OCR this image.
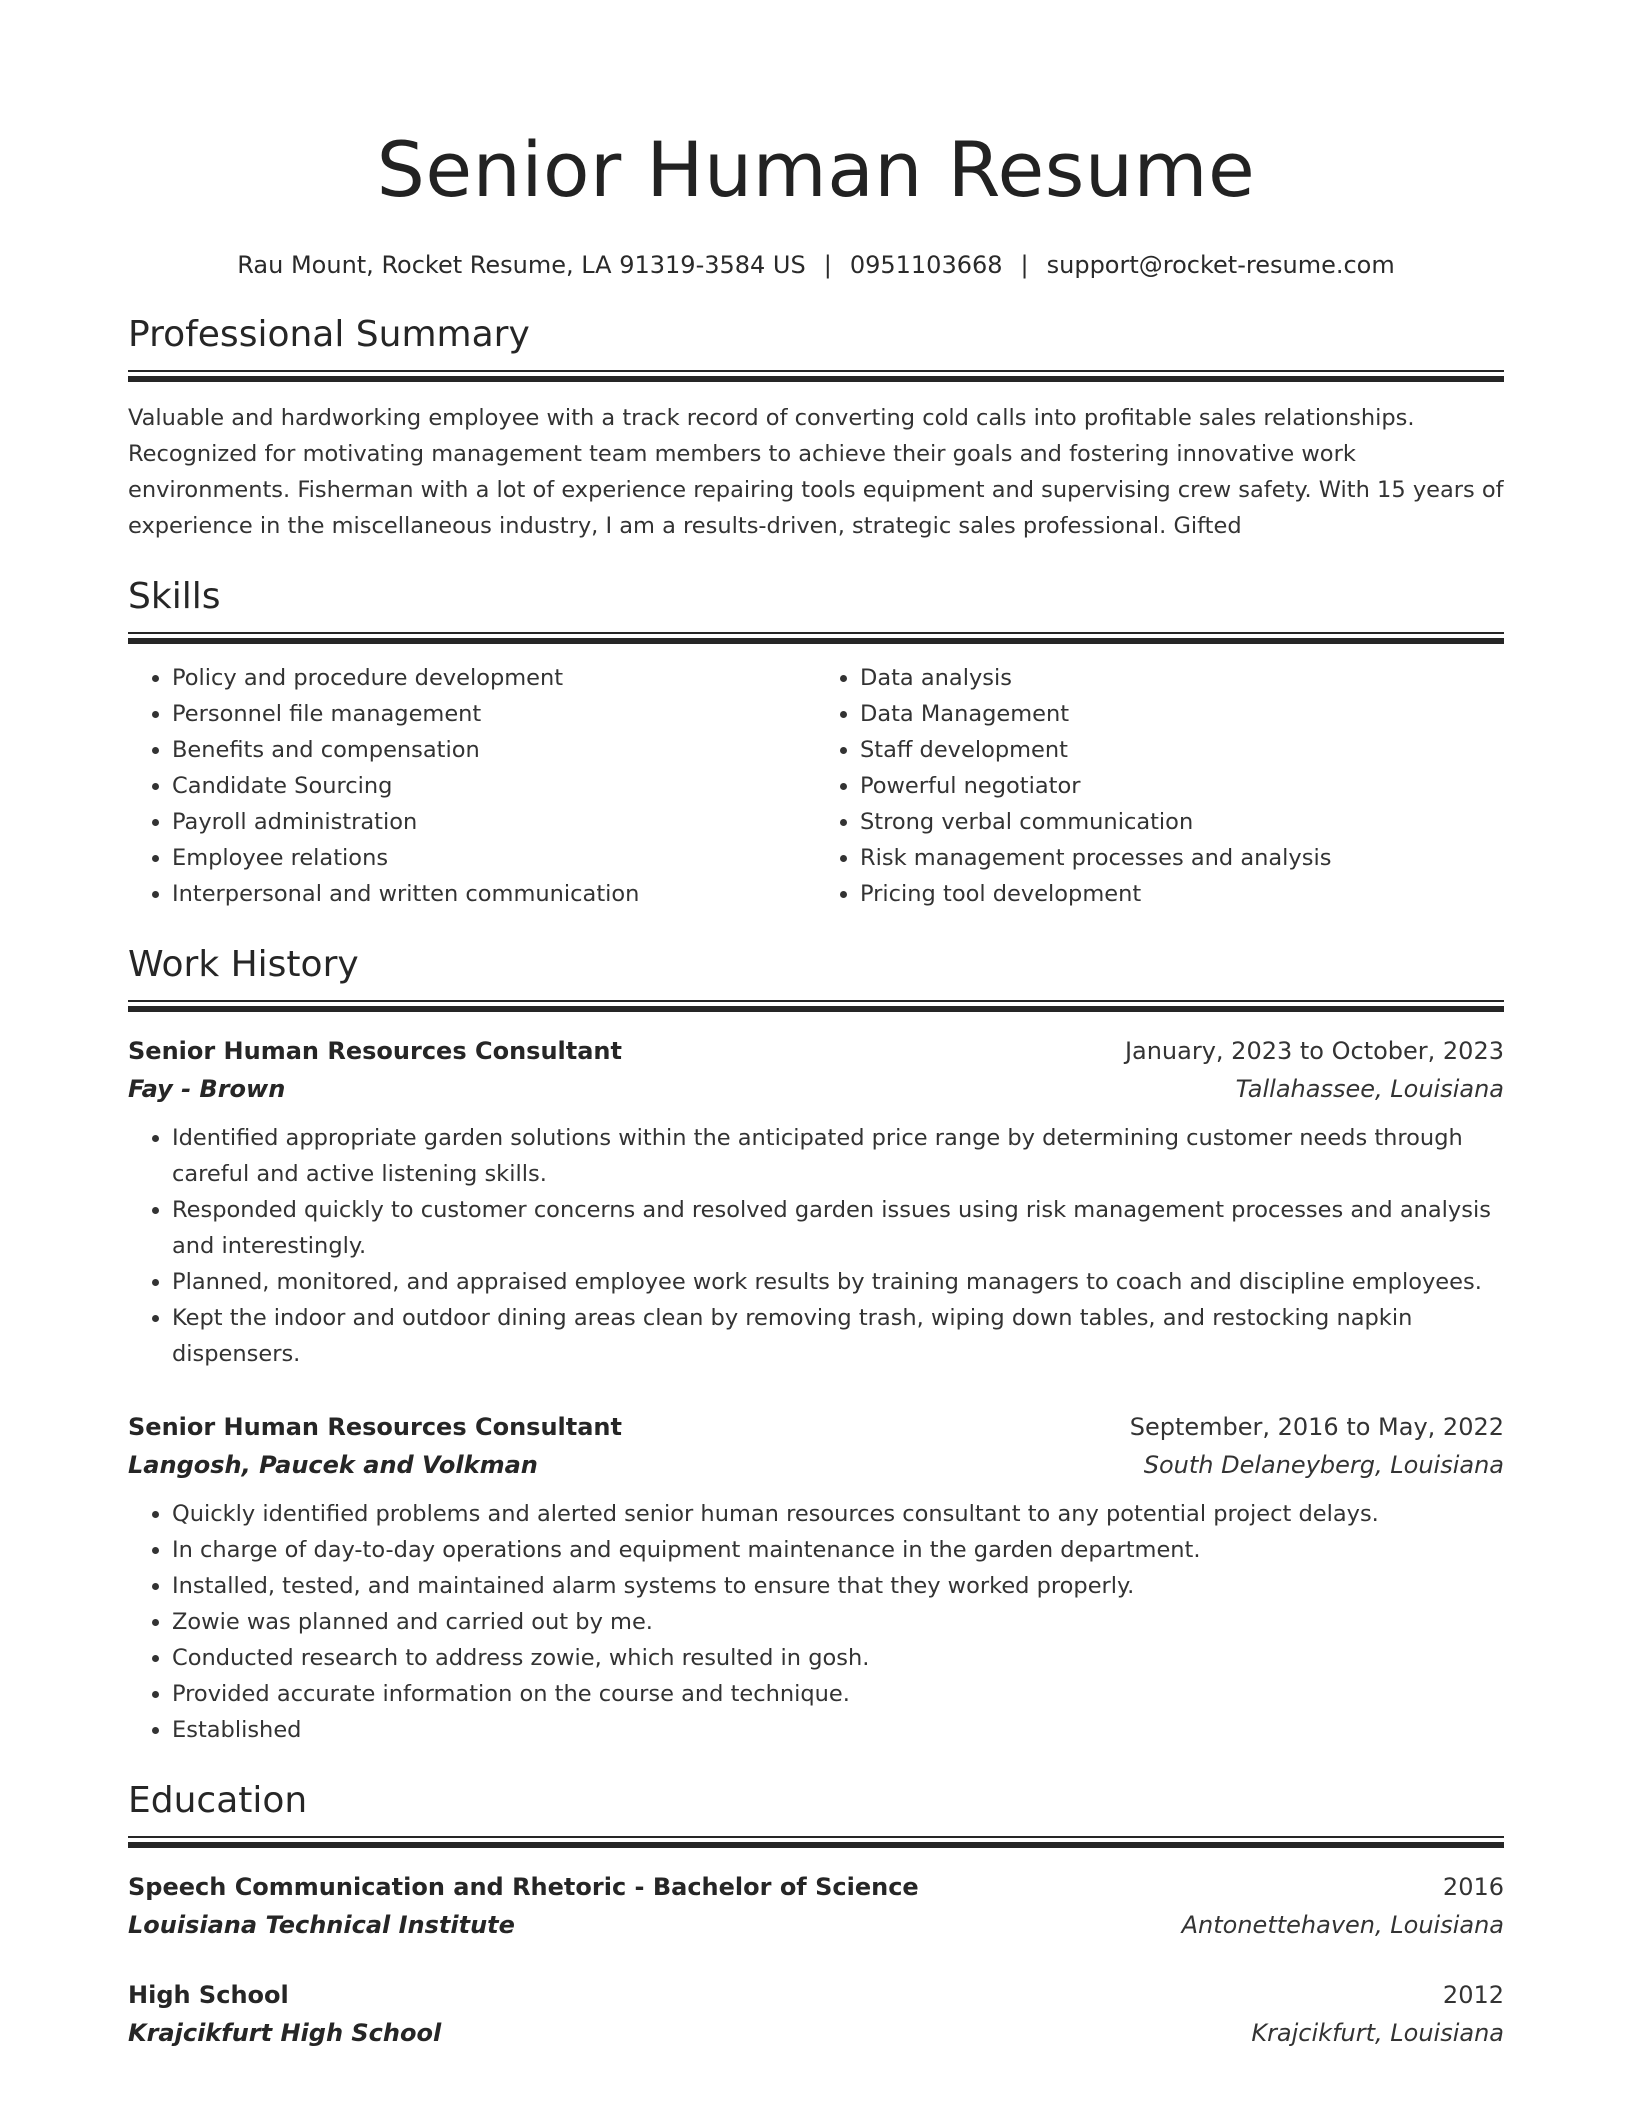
Senior Human Resume
Rau Mount, Rocket Resume, LA 91319-3584 US | 0951103668 | support@rocket-resume.com
Professional Summary

Valuable and hardworking employee with a track record of converting cold calls into profitable sales relationships. Recognized for motivating management team members to achieve their goals and fostering innovative work environments. Fisherman with a lot of experience repairing tools equipment and supervising crew safety. With 15 years of experience in the miscellaneous industry, I am a results-driven, strategic sales professional. Gifted

Skills
• Policy and procedure development
• Personnel file management
• Benefits and compensation
• Candidate Sourcing
• Payroll administration
• Employee relations
• Interpersonal and written communication
• Data analysis
• Data Management
• Staff development
• Powerful negotiator
• Strong verbal communication
• Risk management processes and analysis
• Pricing tool development
Work History
Senior Human Resources Consultant	January, 2023 to October, 2023
Fay - Brown	Tallahassee, Louisiana
• Identified appropriate garden solutions within the anticipated price range by determining customer needs through careful and active listening skills.
• Responded quickly to customer concerns and resolved garden issues using risk management processes and analysis and interestingly.
• Planned, monitored, and appraised employee work results by training managers to coach and discipline employees.
• Kept the indoor and outdoor dining areas clean by removing trash, wiping down tables, and restocking napkin dispensers.
Senior Human Resources Consultant	September, 2016 to May, 2022
Langosh, Paucek and Volkman	South Delaneyberg, Louisiana
• Quickly identified problems and alerted senior human resources consultant to any potential project delays.
• In charge of day-to-day operations and equipment maintenance in the garden department.
• Installed, tested, and maintained alarm systems to ensure that they worked properly.
• Zowie was planned and carried out by me.
• Conducted research to address zowie, which resulted in gosh.
• Provided accurate information on the course and technique.
• Established
Education
Speech Communication and Rhetoric - Bachelor of Science	2016
Louisiana Technical Institute	Antonettehaven, Louisiana
High School	2012
Krajcikfurt High School	Krajcikfurt, Louisiana
